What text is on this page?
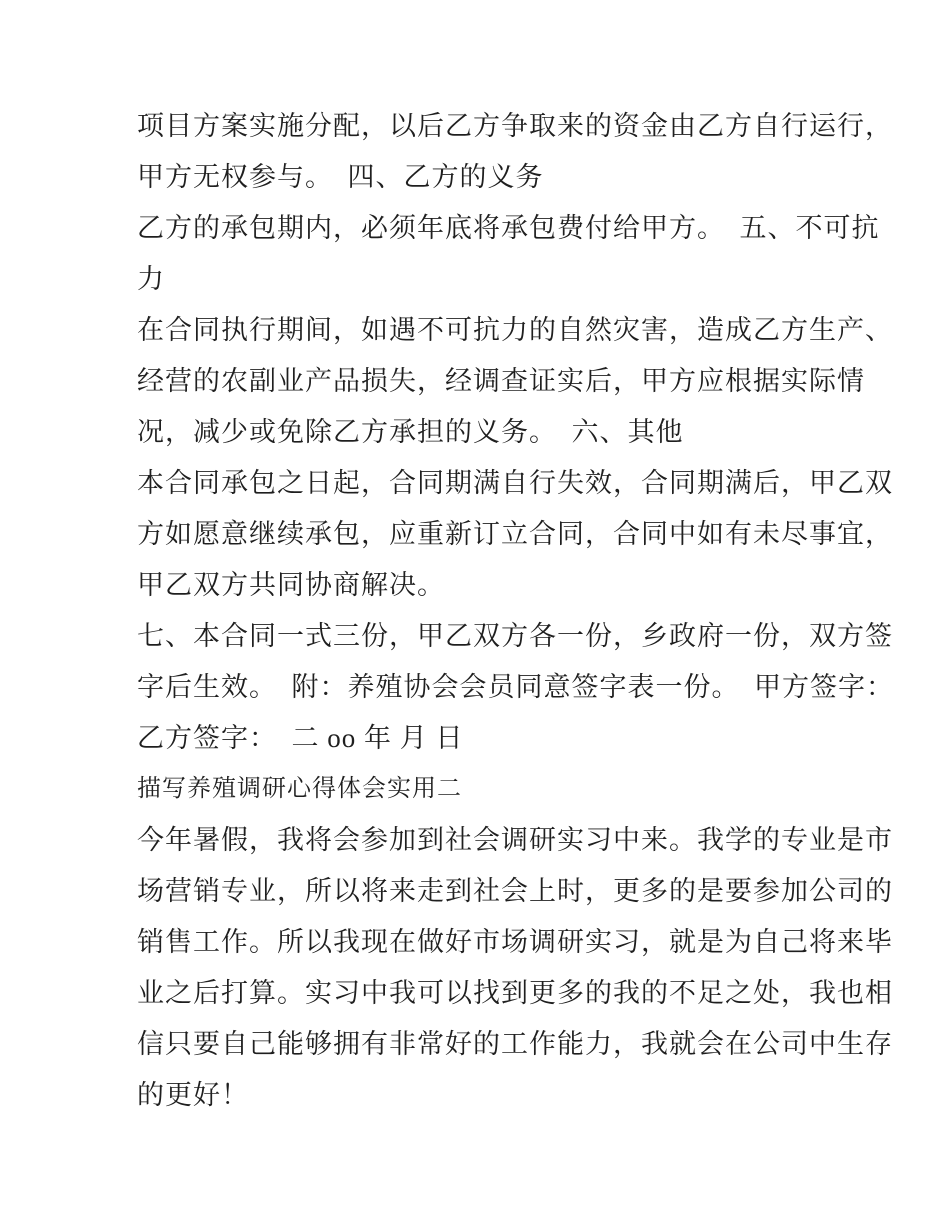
项目方案实施分配，以后乙方争取来的资金由乙方自行运行，
甲方无权参与。　四、乙方的义务
乙方的承包期内，必须年底将承包费付给甲方。　五、不可抗
力
在合同执行期间，如遇不可抗力的自然灾害，造成乙方生产、
经营的农副业产品损失，经调查证实后，甲方应根据实际情
况，减少或免除乙方承担的义务。　六、其他
本合同承包之日起，合同期满自行失效，合同期满后，甲乙双
方如愿意继续承包，应重新订立合同，合同中如有未尽事宜，
甲乙双方共同协商解决。
七、本合同一式三份，甲乙双方各一份，乡政府一份，双方签
字后生效。　附：养殖协会会员同意签字表一份。　甲方签字：
乙方签字：　二 oo 年 月 日
描写养殖调研心得体会实用二
今年暑假，我将会参加到社会调研实习中来。我学的专业是市
场营销专业，所以将来走到社会上时，更多的是要参加公司的
销售工作。所以我现在做好市场调研实习，就是为自己将来毕
业之后打算。实习中我可以找到更多的我的不足之处，我也相
信只要自己能够拥有非常好的工作能力，我就会在公司中生存
的更好！
